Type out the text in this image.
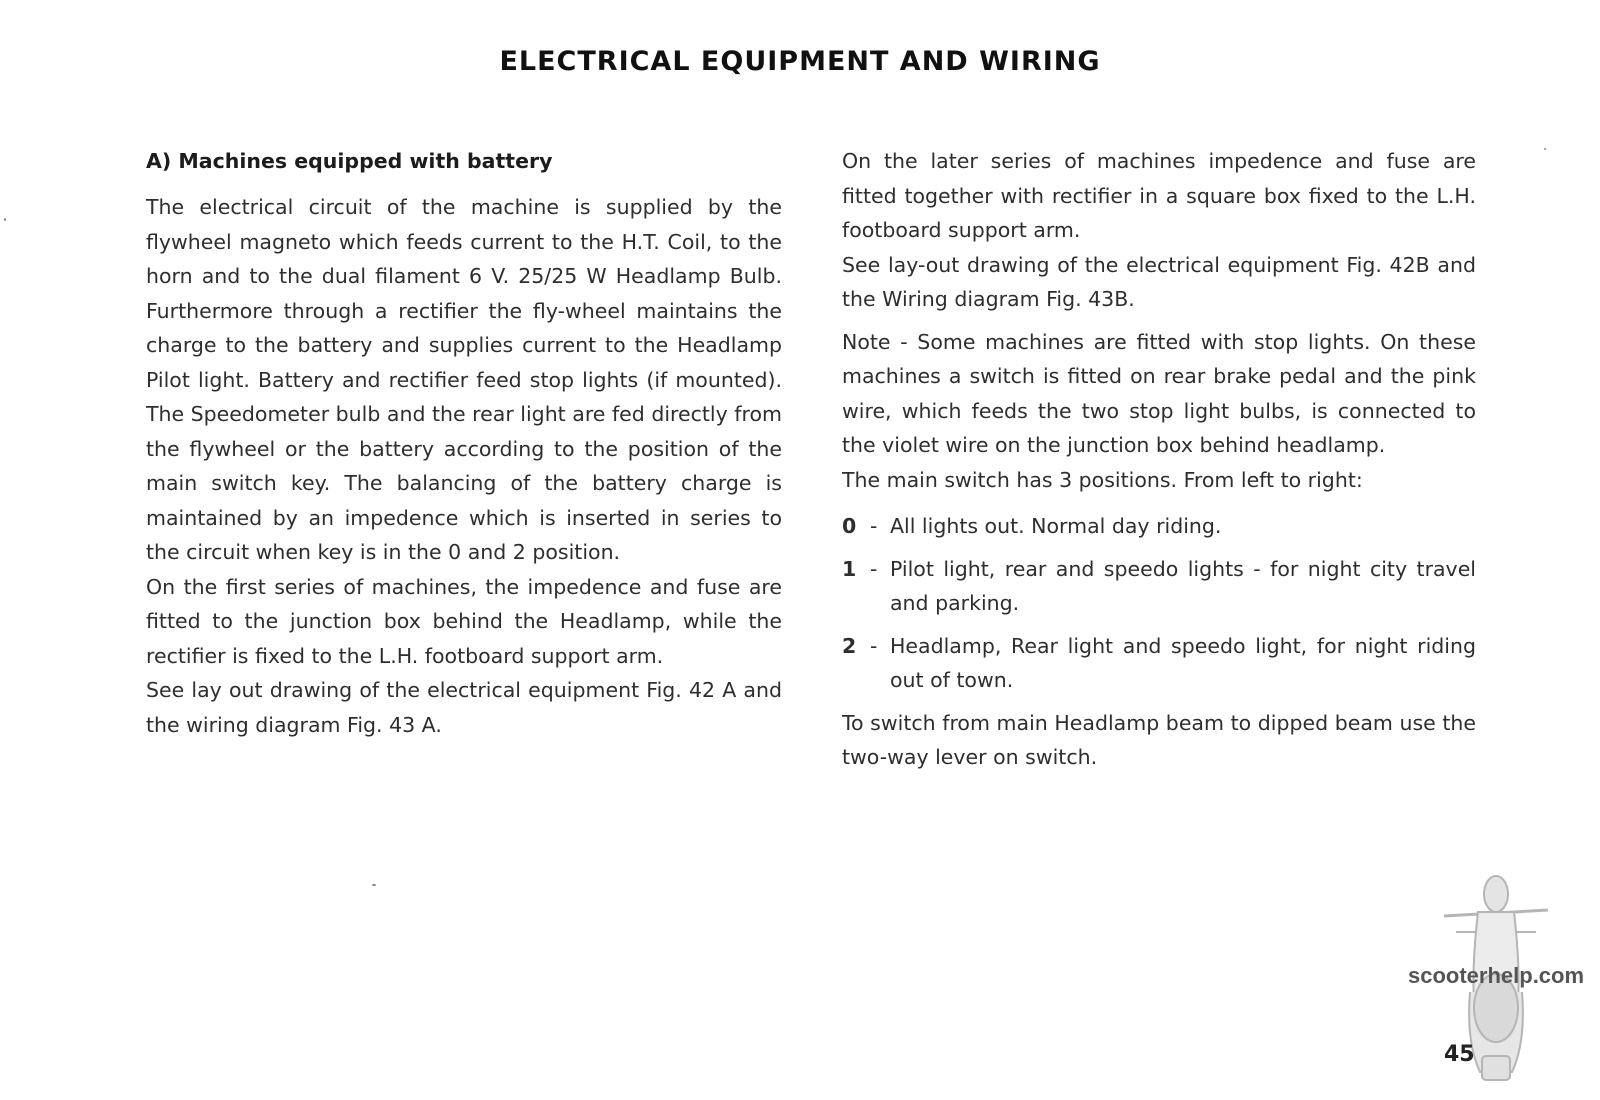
ELECTRICAL EQUIPMENT AND WIRING
A) Machines equipped with battery

The electrical circuit of the machine is supplied by the flywheel magneto which feeds current to the H.T. Coil, to the horn and to the dual filament 6 V. 25/25 W Headlamp Bulb. Furthermore through a rectifier the fly-wheel maintains the charge to the battery and supplies current to the Headlamp Pilot light. Battery and rectifier feed stop lights (if mounted). The Speedometer bulb and the rear light are fed directly from the flywheel or the battery according to the position of the main switch key. The balancing of the battery charge is maintained by an impedence which is inserted in series to the circuit when key is in the 0 and 2 position.

On the first series of machines, the impedence and fuse are fitted to the junction box behind the Headlamp, while the rectifier is fixed to the L.H. footboard support arm.

See lay out drawing of the electrical equipment Fig. 42 A and the wiring diagram Fig. 43 A.

On the later series of machines impedence and fuse are fitted together with rectifier in a square box fixed to the L.H. footboard support arm.

See lay-out drawing of the electrical equipment Fig. 42B and the Wiring diagram Fig. 43B.

Note - Some machines are fitted with stop lights. On these machines a switch is fitted on rear brake pedal and the pink wire, which feeds the two stop light bulbs, is connected to the violet wire on the junction box behind headlamp.

The main switch has 3 positions. From left to right:

0 - All lights out. Normal day riding.
1 - Pilot light, rear and speedo lights - for night city travel and parking.
2 - Headlamp, Rear light and speedo light, for night riding out of town.

To switch from main Headlamp beam to dipped beam use the two-way lever on switch.

scooterhelp.com
45
